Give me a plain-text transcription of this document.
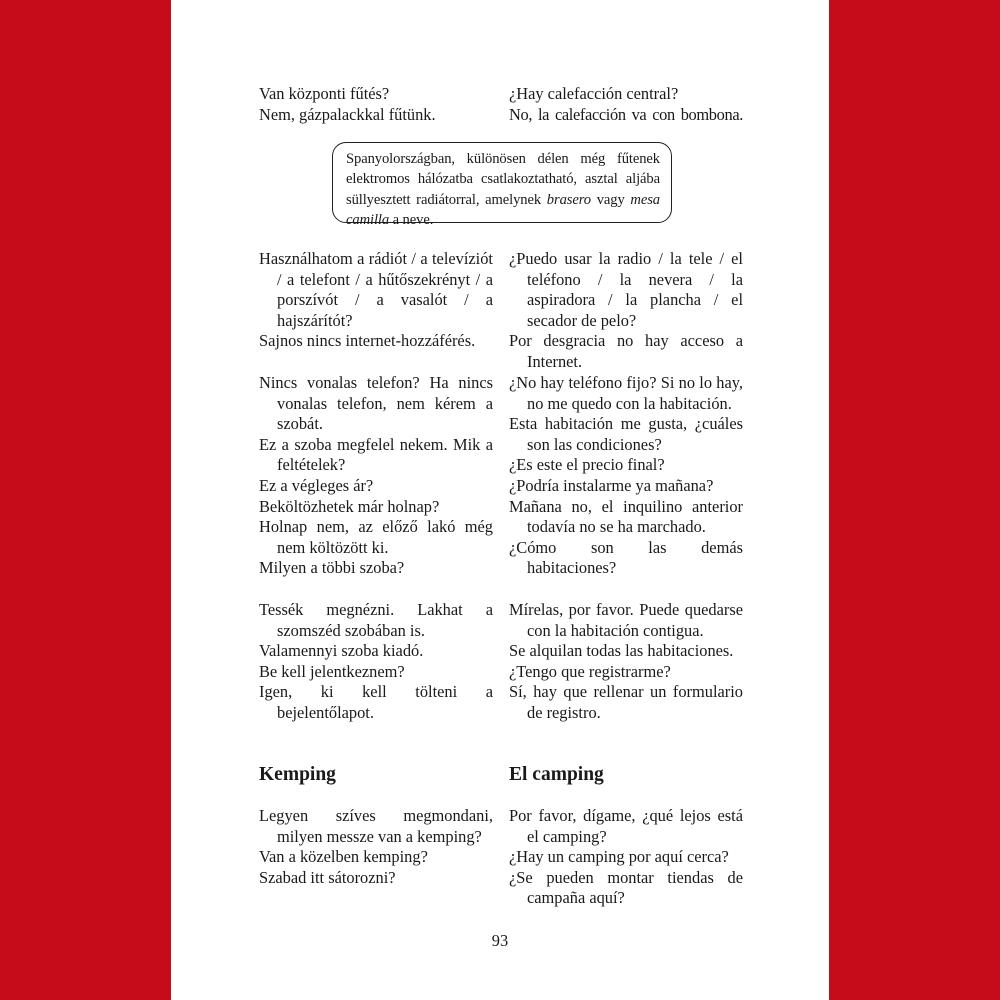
Van központi fűtés?

Nem, gázpalackkal fűtünk.

¿Hay calefacción central?

No, la calefacción va con bombona.

Spanyolországban, különösen délen még fűtenek elektromos hálózatba csatlakoztatható, asztal aljába süllyesztett radiátorral, amelynek brasero vagy mesa camilla a neve.

Használhatom a rádiót / a televíziót / a telefont / a hűtőszekrényt / a porszívót / a vasalót / a hajszárítót?

Sajnos nincs internet-hozzáférés.

¿Puedo usar la radio / la tele / el teléfono / la nevera / la aspiradora / la plancha / el secador de pelo?

Por desgracia no hay acceso a Internet.

Nincs vonalas telefon? Ha nincs vonalas telefon, nem kérem a szobát.

Ez a szoba megfelel nekem. Mik a feltételek?

Ez a végleges ár?

Beköltözhetek már holnap?

Holnap nem, az előző lakó még nem költözött ki.

Milyen a többi szoba?

¿No hay teléfono fijo? Si no lo hay, no me quedo con la habitación.

Esta habitación me gusta, ¿cuáles son las condiciones?

¿Es este el precio final?

¿Podría instalarme ya mañana?

Mañana no, el inquilino anterior todavía no se ha marchado.

¿Cómo son las demás habitaciones?

Tessék megnézni. Lakhat a szomszéd szobában is.

Valamennyi szoba kiadó.

Be kell jelentkeznem?

Igen, ki kell tölteni a bejelentőlapot.

Mírelas, por favor. Puede quedarse con la habitación contigua.

Se alquilan todas las habitaciones.

¿Tengo que registrarme?

Sí, hay que rellenar un formulario de registro.

Kemping	El camping

Legyen szíves megmondani, milyen messze van a kemping?

Van a közelben kemping?

Szabad itt sátorozni?

Por favor, dígame, ¿qué lejos está el camping?

¿Hay un camping por aquí cerca?

¿Se pueden montar tiendas de campaña aquí?

93
